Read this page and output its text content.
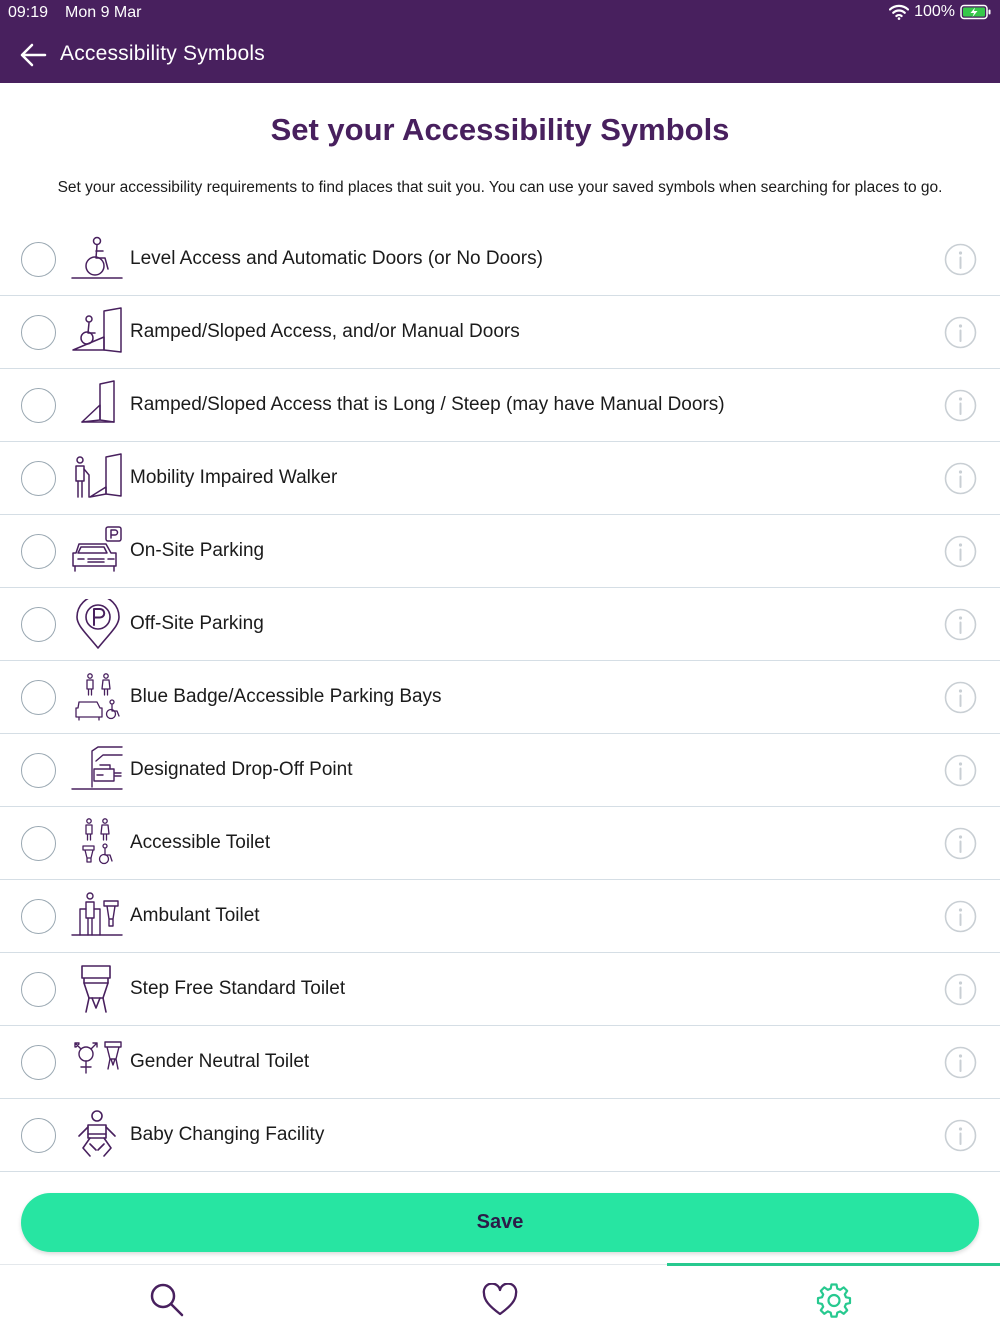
09:19 Mon 9 Mar	100%
Accessibility Symbols
Set your Accessibility Symbols

Set your accessibility requirements to find places that suit you. You can use your saved symbols when searching for places to go.

Level Access and Automatic Doors (or No Doors)
Ramped/Sloped Access, and/or Manual Doors
Ramped/Sloped Access that is Long / Steep (may have Manual Doors)
Mobility Impaired Walker
On-Site Parking
Off-Site Parking
Blue Badge/Accessible Parking Bays
Designated Drop-Off Point
Accessible Toilet
Ambulant Toilet
Step Free Standard Toilet
Gender Neutral Toilet
Baby Changing Facility
Save
